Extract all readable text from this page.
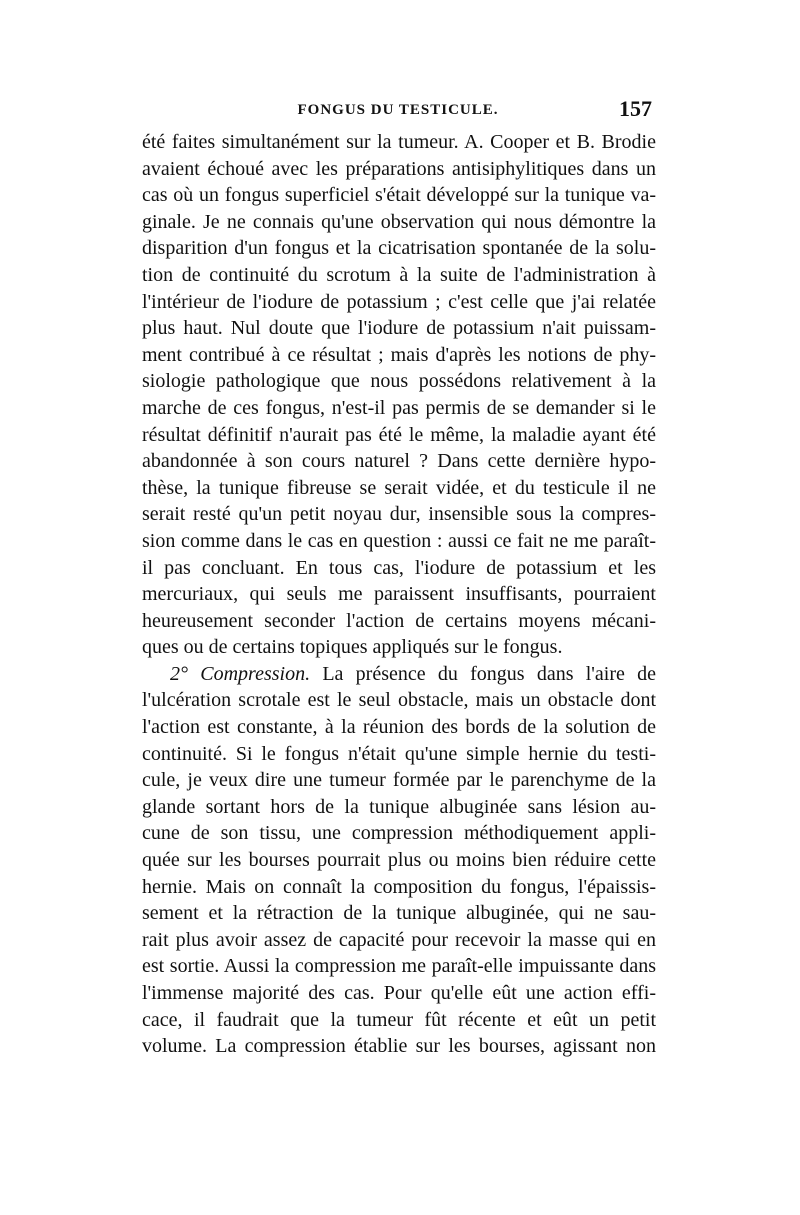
FONGUS DU TESTICULE.	157
été faites simultanément sur la tumeur. A. Cooper et B. Brodie
avaient échoué avec les préparations antisiphylitiques dans un
cas où un fongus superficiel s'était développé sur la tunique va-
ginale. Je ne connais qu'une observation qui nous démontre la
disparition d'un fongus et la cicatrisation spontanée de la solu-
tion de continuité du scrotum à la suite de l'administration à
l'intérieur de l'iodure de potassium ; c'est celle que j'ai relatée
plus haut. Nul doute que l'iodure de potassium n'ait puissam-
ment contribué à ce résultat ; mais d'après les notions de phy-
siologie pathologique que nous possédons relativement à la
marche de ces fongus, n'est-il pas permis de se demander si le
résultat définitif n'aurait pas été le même, la maladie ayant été
abandonnée à son cours naturel ? Dans cette dernière hypo-
thèse, la tunique fibreuse se serait vidée, et du testicule il ne
serait resté qu'un petit noyau dur, insensible sous la compres-
sion comme dans le cas en question : aussi ce fait ne me paraît-
il pas concluant. En tous cas, l'iodure de potassium et les
mercuriaux, qui seuls me paraissent insuffisants, pourraient
heureusement seconder l'action de certains moyens mécani-
ques ou de certains topiques appliqués sur le fongus.
2° Compression. La présence du fongus dans l'aire de
l'ulcération scrotale est le seul obstacle, mais un obstacle dont
l'action est constante, à la réunion des bords de la solution de
continuité. Si le fongus n'était qu'une simple hernie du testi-
cule, je veux dire une tumeur formée par le parenchyme de la
glande sortant hors de la tunique albuginée sans lésion au-
cune de son tissu, une compression méthodiquement appli-
quée sur les bourses pourrait plus ou moins bien réduire cette
hernie. Mais on connaît la composition du fongus, l'épaissis-
sement et la rétraction de la tunique albuginée, qui ne sau-
rait plus avoir assez de capacité pour recevoir la masse qui en
est sortie. Aussi la compression me paraît-elle impuissante dans
l'immense majorité des cas. Pour qu'elle eût une action effi-
cace, il faudrait que la tumeur fût récente et eût un petit
volume. La compression établie sur les bourses, agissant non
